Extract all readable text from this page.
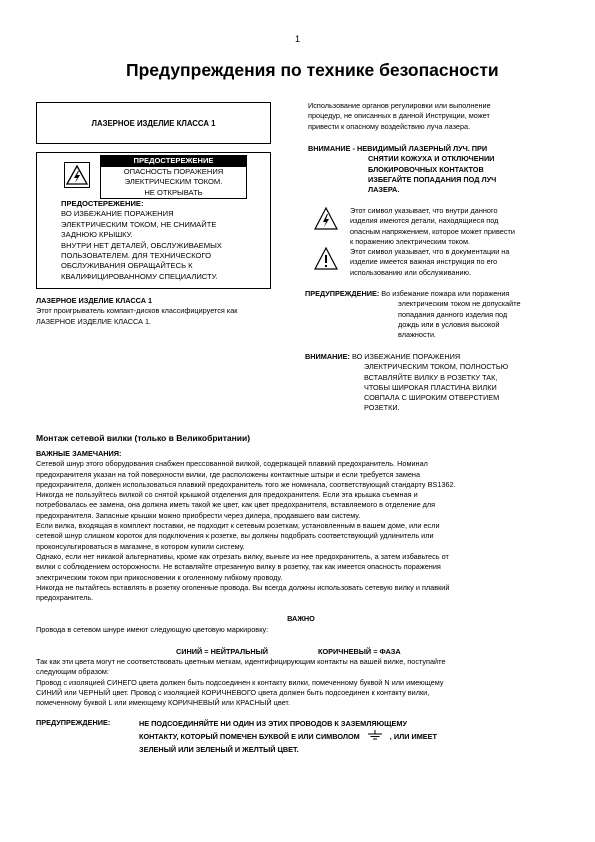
1
Предупреждения по технике безопасности
ЛАЗЕРНОЕ ИЗДЕЛИЕ КЛАССА 1
ПРЕДОСТЕРЕЖЕНИЕ
ОПАСНОСТЬ ПОРАЖЕНИЯ
ЭЛЕКТРИЧЕСКИМ ТОКОМ.
НЕ ОТКРЫВАТЬ
ПРЕДОСТЕРЕЖЕНИЕ:
ВО ИЗБЕЖАНИЕ ПОРАЖЕНИЯ
ЭЛЕКТРИЧЕСКИМ ТОКОМ, НЕ СНИМАЙТЕ
ЗАДНЮЮ КРЫШКУ.
ВНУТРИ НЕТ ДЕТАЛЕЙ, ОБСЛУЖИВАЕМЫХ
ПОЛЬЗОВАТЕЛЕМ. ДЛЯ ТЕХНИЧЕСКОГО
ОБСЛУЖИВАНИЯ ОБРАЩАЙТЕСЬ К
КВАЛИФИЦИРОВАННОМУ СПЕЦИАЛИСТУ.
ЛАЗЕРНОЕ ИЗДЕЛИЕ КЛАССА 1
Этот проигрыватель компакт-дисков классифицируется как
ЛАЗЕРНОЕ ИЗДЕЛИЕ КЛАССА 1.
Использование органов регулировки или выполнение
процедур, не описанных в данной Инструкции, может
привести к опасному воздействию луча лазера.
ВНИМАНИЕ - НЕВИДИМЫЙ ЛАЗЕРНЫЙ ЛУЧ. ПРИ
СНЯТИИ КОЖУХА И ОТКЛЮЧЕНИИ
БЛОКИРОВОЧНЫХ КОНТАКТОВ
ИЗБЕГАЙТЕ ПОПАДАНИЯ ПОД ЛУЧ
ЛАЗЕРА.
Этот символ указывает, что внутри данного
изделия имеются детали, находящиеся под
опасным напряжением, которое может привести
к поражению электрическим током.
Этот символ указывает, что в документации на
изделие имеется важная инструкция по его
использованию или обслуживанию.
ПРЕДУПРЕЖДЕНИЕ: Во избежание пожара или поражения
электрическим током не допускайте
попадания данного изделия под
дождь или в условия высокой
влажности.
ВНИМАНИЕ: ВО ИЗБЕЖАНИЕ ПОРАЖЕНИЯ
ЭЛЕКТРИЧЕСКИМ ТОКОМ, ПОЛНОСТЬЮ
ВСТАВЛЯЙТЕ ВИЛКУ В РОЗЕТКУ ТАК,
ЧТОБЫ ШИРОКАЯ ПЛАСТИНА ВИЛКИ
СОВПАЛА С ШИРОКИМ ОТВЕРСТИЕМ
РОЗЕТКИ.
Монтаж сетевой вилки (только в Великобритании)
ВАЖНЫЕ ЗАМЕЧАНИЯ:
Сетевой шнур этого оборудования снабжен прессованной вилкой, содержащей плавкий предохранитель. Номинал
предохранителя указан на той поверхности вилки, где расположены контактные штыри и если требуется замена
предохранителя, должен использоваться плавкий предохранитель того же номинала, соответствующий стандарту BS1362.
Никогда не пользуйтесь вилкой со снятой крышкой отделения для предохранителя. Если эта крышка съемная и
потребовалась ее замена, она должна иметь такой же цвет, как цвет предохранителя, вставляемого в отделение для
предохранителя. Запасные крышки можно приобрести через дилера, продавшего вам систему.
Если вилка, входящая в комплект поставки, не подходит к сетевым розеткам, установленным в вашем доме, или если
сетевой шнур слишком короток для подключения к розетке, вы должны подобрать соответствующий удлинитель или
проконсультироваться в магазине, в котором купили систему.
Однако, если нет никакой альтернативы, кроме как отрезать вилку, выньте из нее предохранитель, а затем избавьтесь от
вилки с соблюдением осторожности. Не вставляйте отрезанную вилку в розетку, так как имеется опасность поражения
электрическим током при прикосновении к оголенному гибкому проводу.
Никогда не пытайтесь вставлять в розетку оголенные провода. Вы всегда должны использовать сетевую вилку и плавкий
предохранитель.
ВАЖНО
Провода в сетевом шнуре имеют следующую цветовую маркировку:
СИНИЙ = НЕЙТРАЛЬНЫЙ	КОРИЧНЕВЫЙ = ФАЗА
Так как эти цвета могут не соответствовать цветным меткам, идентифицирующим контакты на вашей вилке, поступайте
следующим образом:
Провод с изоляцией СИНЕГО цвета должен быть подсоединен к контакту вилки, помеченному буквой N или имеющему
СИНИЙ или ЧЕРНЫЙ цвет. Провод с изоляцией КОРИЧНЕВОГО цвета должен быть подсоединен к контакту вилки,
помеченному буквой L или имеющему КОРИЧНЕВЫЙ или КРАСНЫЙ цвет.
ПРЕДУПРЕЖДЕНИЕ:	НЕ ПОДСОЕДИНЯЙТЕ НИ ОДИН ИЗ ЭТИХ ПРОВОДОВ К ЗАЗЕМЛЯЮЩЕМУ
КОНТАКТУ, КОТОРЫЙ ПОМЕЧЕН БУКВОЙ Е ИЛИ СИМВОЛОМ	, ИЛИ ИМЕЕТ
ЗЕЛЕНЫЙ ИЛИ ЗЕЛЕНЫЙ И ЖЕЛТЫЙ ЦВЕТ.
